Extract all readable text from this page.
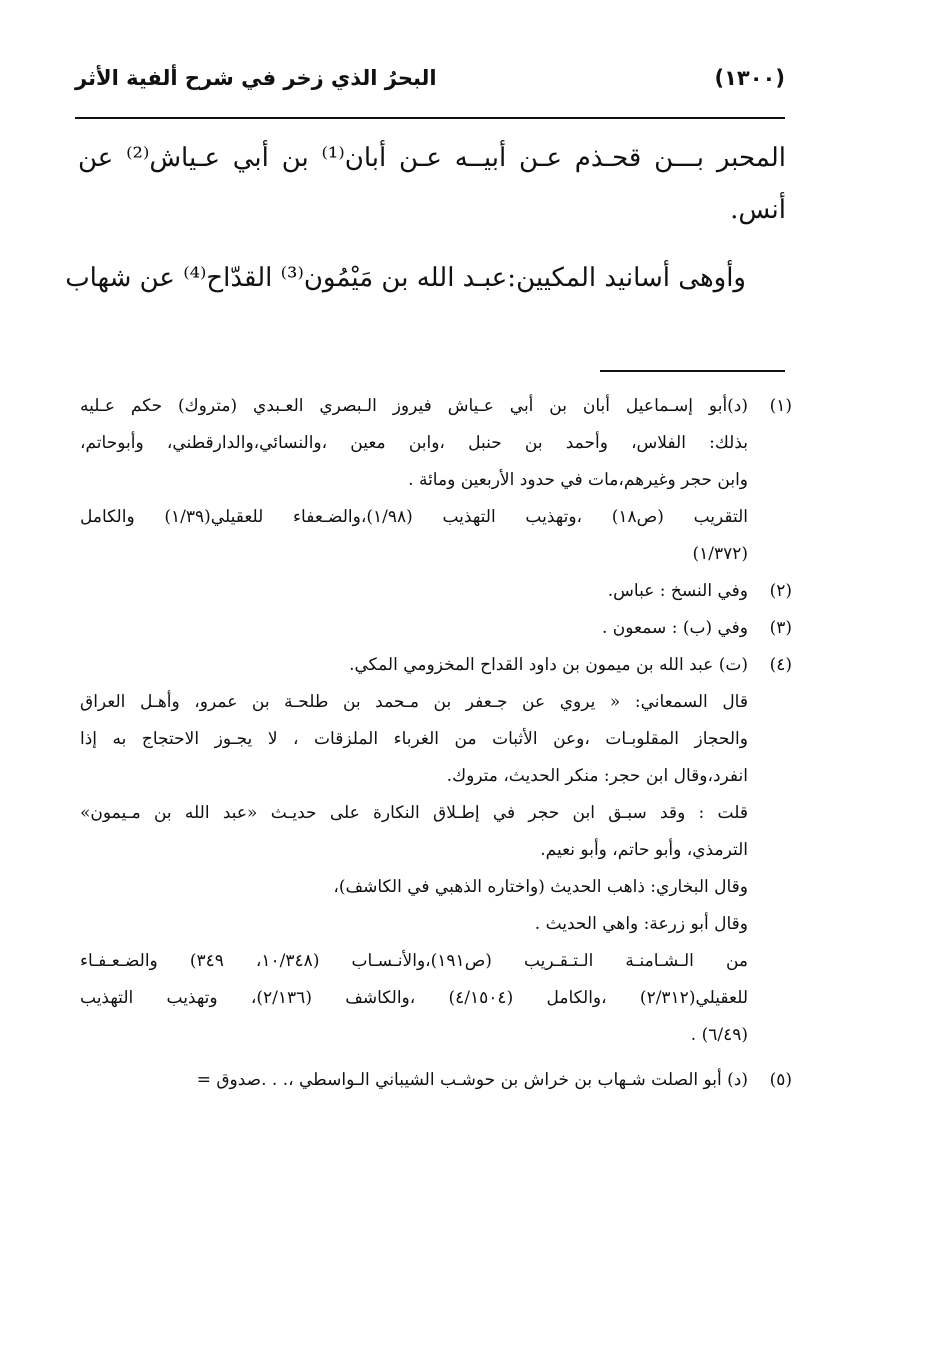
(١٣٠٠)
البحرُ الذي زخر في شرح ألفية الأثر

المحبر بـــن قحـذم عـن أبيــه عـن أبان⁽¹⁾ بن أبي عـياش⁽²⁾ عن
أنس.

وأوهى أسانيد المكيين:عبـد الله بن مَيْمُون⁽³⁾ القدّاح⁽⁴⁾ عن شهاب

(١)
(د)أبو إسـماعيل أبان بن أبي عـياش فيروز الـبصري العـبدي (متروك) حكم عـليه
بذلك: الفلاس، وأحمد بن حنبل ،وابن معين ،والنسائي،والدارقطني، وأبوحاتم،
وابن حجر وغيرهم،مات في حدود الأربعين ومائة .
التقريب (ص١٨) ،وتهذيب التهذيب (١/٩٨)،والضـعفاء للعقيلي(١/٣٩) والكامل
(١/٣٧٢)
(٢)
وفي النسخ : عباس.
(٣)
وفي (ب) : سمعون .
(٤)
(ت) عبد الله بن ميمون بن داود القداح المخزومي المكي.
قال السمعاني: « يروي عن جـعفر بن مـحمد بن طلحـة بن عمرو، وأهـل العراق
والحجاز المقلوبـات ،وعن الأثبات من الغرباء الملزقات ، لا يجـوز الاحتجاج به إذا
انفرد،وقال ابن حجر: منكر الحديث، متروك.
قلت : وقد سبـق ابن حجر في إطـلاق النكارة على حديـث «عبد الله بن مـيمون»
الترمذي، وأبو حاتم، وأبو نعيم.
وقال البخاري: ذاهب الحديث (واختاره الذهبي في الكاشف)،
وقال أبو زرعة: واهي الحديث .
من الـشـامنـة الـتـقـريب (ص١٩١)،والأنـسـاب (١٠/٣٤٨، ٣٤٩) والضـعـفـاء
للعقيلي(٢/٣١٢) ،والكامل (٤/١٥٠٤) ،والكاشف (٢/١٣٦)، وتهذيب التهذيب
(٦/٤٩) .
(٥)
(د) أبو الصلت شـهاب بن خراش بن حوشـب الشيباني الـواسطي ،. . .صدوق =
